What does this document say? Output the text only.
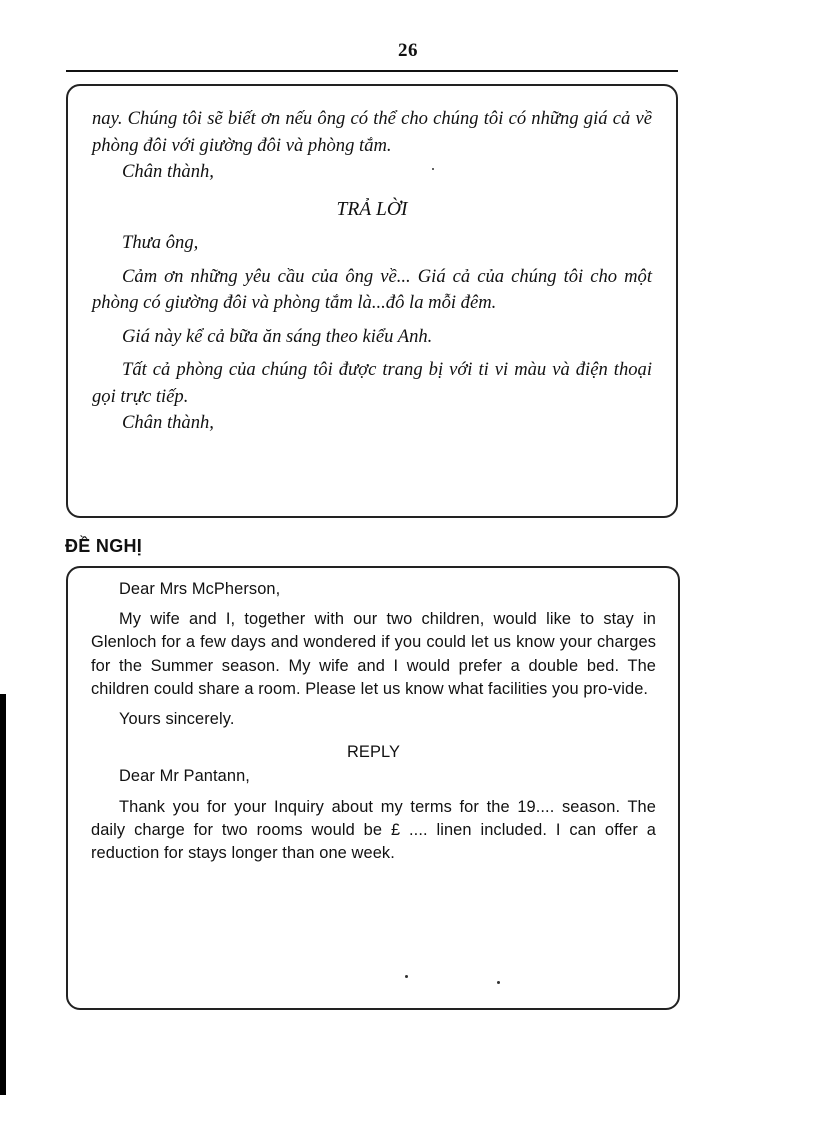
26

nay. Chúng tôi sẽ biết ơn nếu ông có thể cho chúng tôi có những giá cả về phòng đôi với giường đôi và phòng tắm.

Chân thành,

TRẢ LỜI

Thưa ông,

Cảm ơn những yêu cầu của ông về... Giá cả của chúng tôi cho một phòng có giường đôi và phòng tắm là...đô la mỗi đêm.

Giá này kể cả bữa ăn sáng theo kiểu Anh.

Tất cả phòng của chúng tôi được trang bị với ti vi màu và điện thoại gọi trực tiếp.

Chân thành,

ĐỀ NGHỊ

Dear Mrs McPherson,

My wife and I, together with our two children, would like to stay in Glenloch for a few days and wondered if you could let us know your charges for the Summer season. My wife and I would prefer a double bed. The children could share a room. Please let us know what facilities you pro-vide.

Yours sincerely.

REPLY

Dear Mr Pantann,

Thank you for your Inquiry about my terms for the 19.... season. The daily charge for two rooms would be £ .... linen included. I can offer a reduction for stays longer than one week.
